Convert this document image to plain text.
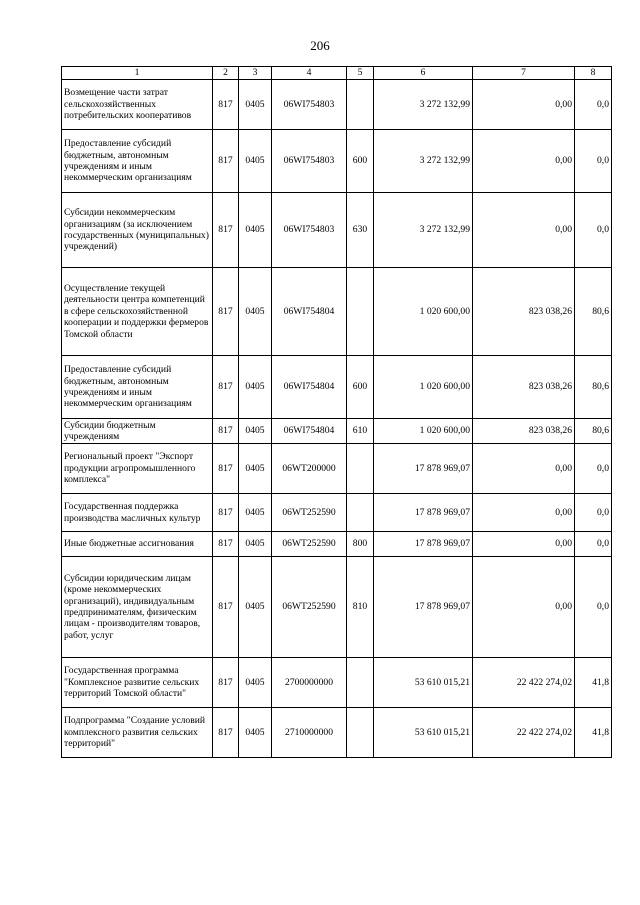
206
1	2	3	4	5	6	7	8
Возмещение части затрат сельскохозяйственных потребительских кооперативов	817	0405	06WI754803		3 272 132,99	0,00	0,0
Предоставление субсидий бюджетным, автономным учреждениям и иным некоммерческим организациям	817	0405	06WI754803	600	3 272 132,99	0,00	0,0
Субсидии некоммерческим организациям (за исключением государственных (муниципальных) учреждений)	817	0405	06WI754803	630	3 272 132,99	0,00	0,0
Осуществление текущей деятельности центра компетенций в сфере сельскохозяйственной кооперации и поддержки фермеров Томской области	817	0405	06WI754804		1 020 600,00	823 038,26	80,6
Предоставление субсидий бюджетным, автономным учреждениям и иным некоммерческим организациям	817	0405	06WI754804	600	1 020 600,00	823 038,26	80,6
Субсидии бюджетным учреждениям	817	0405	06WI754804	610	1 020 600,00	823 038,26	80,6
Региональный проект "Экспорт продукции агропромышленного комплекса"	817	0405	06WT200000		17 878 969,07	0,00	0,0
Государственная поддержка производства масличных культур	817	0405	06WT252590		17 878 969,07	0,00	0,0
Иные бюджетные ассигнования	817	0405	06WT252590	800	17 878 969,07	0,00	0,0
Субсидии юридическим лицам (кроме некоммерческих организаций), индивидуальным предпринимателям, физическим лицам - производителям товаров, работ, услуг	817	0405	06WT252590	810	17 878 969,07	0,00	0,0
Государственная программа "Комплексное развитие сельских территорий Томской области"	817	0405	2700000000		53 610 015,21	22 422 274,02	41,8
Подпрограмма "Создание условий комплексного развития сельских территорий"	817	0405	2710000000		53 610 015,21	22 422 274,02	41,8
